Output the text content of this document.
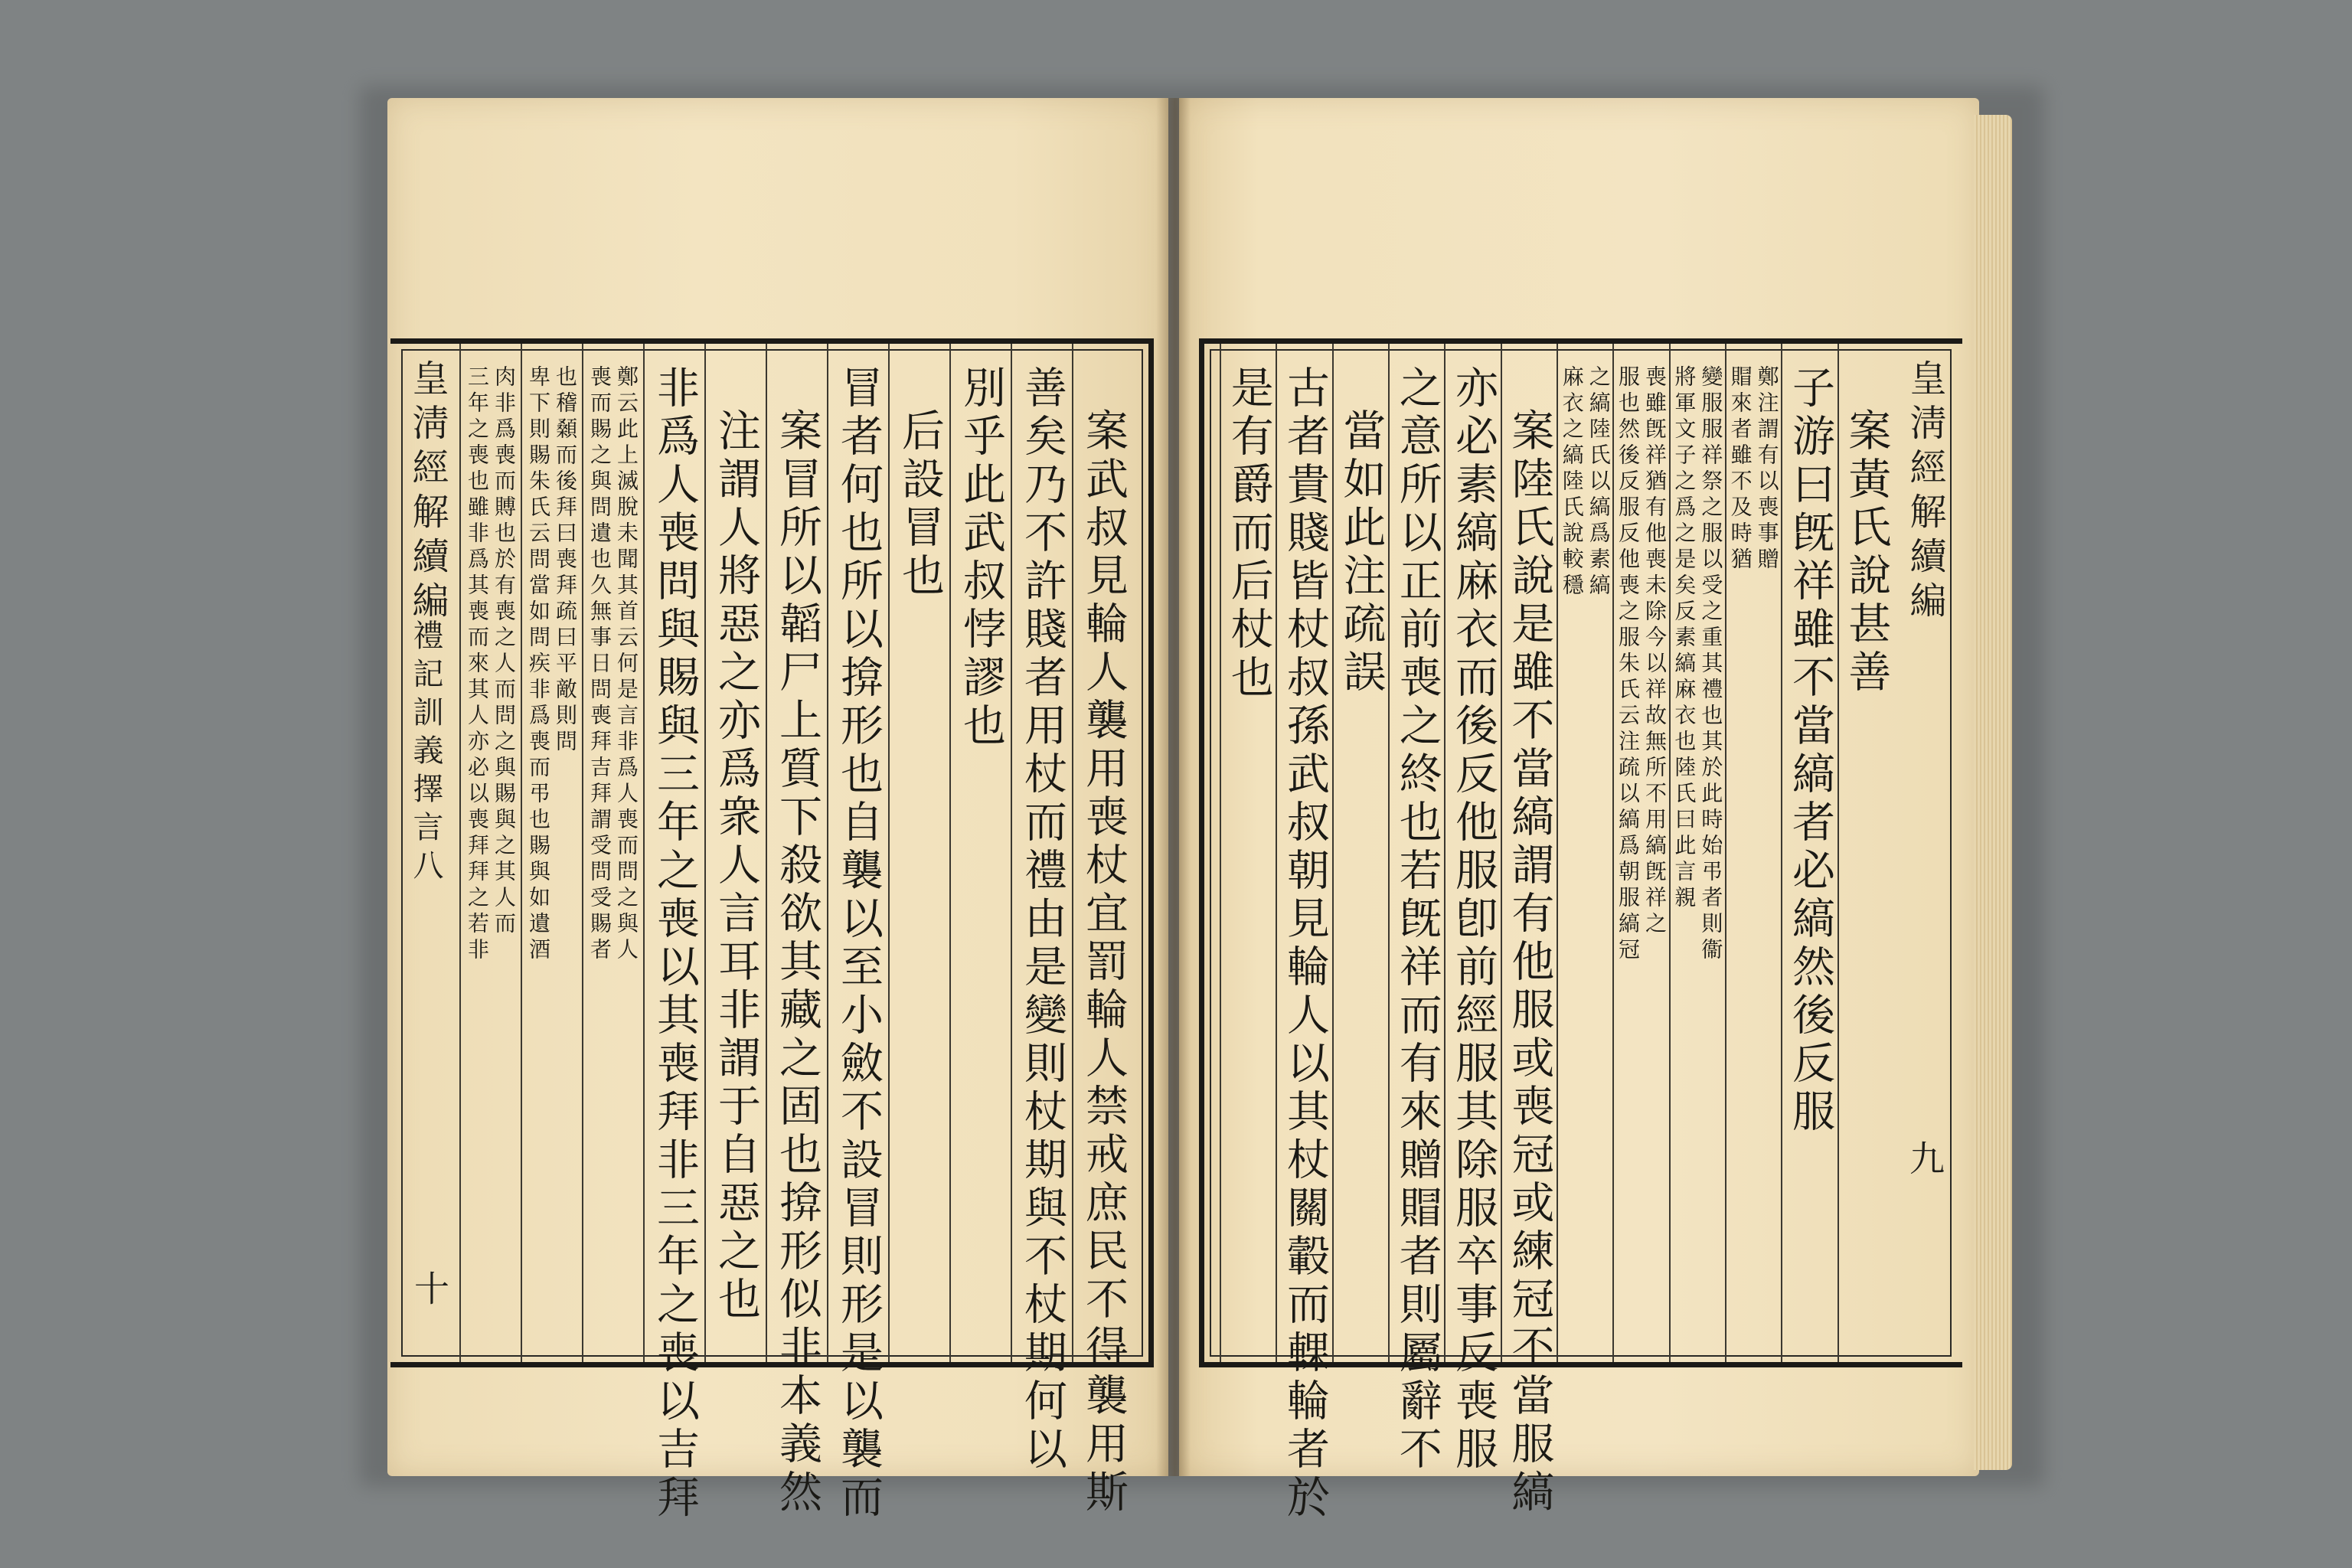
案武叔見輪人襲用喪杖宜罰輪人禁戒庶民不得襲用斯
善矣乃不許賤者用杖而禮由是變則杖期與不杖期何以
別乎此武叔悖謬也
后設冒也
冒者何也所以揜形也自襲以至小斂不設冒則形是以襲而
案冒所以韜尸上質下殺欲其藏之固也揜形似非本義然
注謂人將惡之亦爲衆人言耳非謂于自惡之也
非爲人喪問與賜與三年之喪以其喪拜非三年之喪以吉拜
鄭云此上滅脫未聞其首云何是言非爲人喪而問之與人
喪而賜之與問遺也久無事日問喪拜吉拜謂受問受賜者
也稽顙而後拜曰喪拜疏曰平敵則問
卑下則賜朱氏云問當如問疾非爲喪而弔也賜與如遺酒
肉非爲喪而賻也於有喪之人而問之與賜與之其人而
三年之喪也雖非爲其喪而來其人亦必以喪拜拜之若非
皇淸經解續編
禮記訓義擇言八
十
案黃氏說甚善
子游曰旣祥雖不當縞者必縞然後反服
鄭注謂有以喪事贈
賵來者雖不及時猶
變服服祥祭之服以受之重其禮也其於此時始弔者則衞
將軍文子之爲之是矣反素縞麻衣也陸氏曰此言親
喪雖旣祥猶有他喪未除今以祥故無所不用縞旣祥之
服也然後反服反他喪之服朱氏云注疏以縞爲朝服縞冠
之縞陸氏以縞爲素縞
麻衣之縞陸氏說較穩
案陸氏說是雖不當縞謂有他服或喪冠或練冠不當服縞
亦必素縞麻衣而後反他服卽前經服其除服卒事反喪服
之意所以正前喪之終也若旣祥而有來贈賵者則屬辭不
當如此注疏誤
古者貴賤皆杖叔孫武叔朝見輪人以其杖關轂而輠輪者於
是有爵而后杖也	皇淸經解續編
九
